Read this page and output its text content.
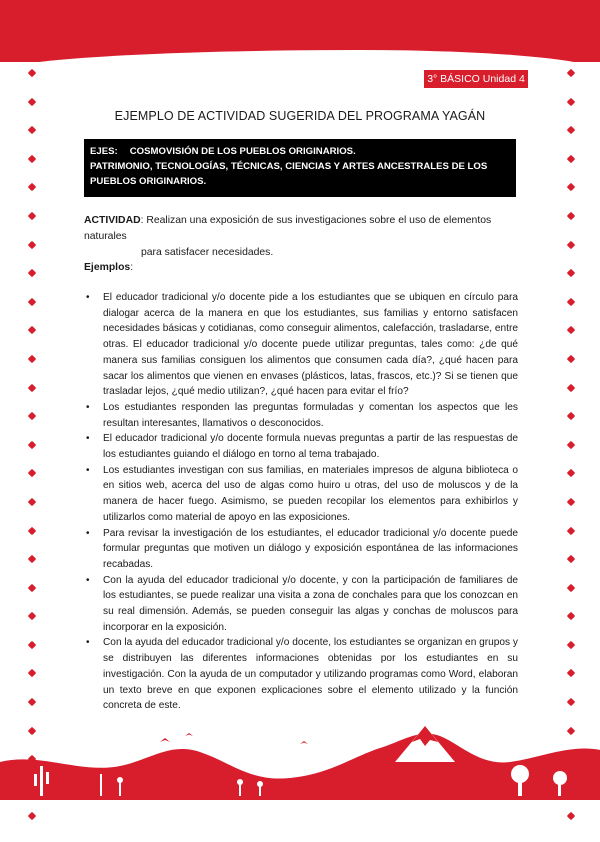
3° BÁSICO Unidad 4
EJEMPLO DE ACTIVIDAD SUGERIDA DEL PROGRAMA YAGÁN
EJES: COSMOVISIÓN DE LOS PUEBLOS ORIGINARIOS.
PATRIMONIO, TECNOLOGÍAS, TÉCNICAS, CIENCIAS Y ARTES ANCESTRALES DE LOS PUEBLOS ORIGINARIOS.
ACTIVIDAD: Realizan una exposición de sus investigaciones sobre el uso de elementos naturales
para satisfacer necesidades.
Ejemplos:
• El educador tradicional y/o docente pide a los estudiantes que se ubiquen en círculo para dialogar acerca de la manera en que los estudiantes, sus familias y entorno satisfacen necesidades básicas y cotidianas, como conseguir alimentos, calefacción, trasladarse, entre otras. El educador tradicional y/o docente puede utilizar preguntas, tales como: ¿de qué manera sus familias consiguen los alimentos que consumen cada día?, ¿qué hacen para sacar los alimentos que vienen en envases (plásticos, latas, frascos, etc.)? Si se tienen que trasladar lejos, ¿qué medio utilizan?, ¿qué hacen para evitar el frío?
• Los estudiantes responden las preguntas formuladas y comentan los aspectos que les resultan interesantes, llamativos o desconocidos.
• El educador tradicional y/o docente formula nuevas preguntas a partir de las respuestas de los estudiantes guiando el diálogo en torno al tema trabajado.
• Los estudiantes investigan con sus familias, en materiales impresos de alguna biblioteca o en sitios web, acerca del uso de algas como huiro u otras, del uso de moluscos y de la manera de hacer fuego. Asimismo, se pueden recopilar los elementos para exhibirlos y utilizarlos como material de apoyo en las exposiciones.
• Para revisar la investigación de los estudiantes, el educador tradicional y/o docente puede formular preguntas que motiven un diálogo y exposición espontánea de las informaciones recabadas.
• Con la ayuda del educador tradicional y/o docente, y con la participación de familiares de los estudiantes, se puede realizar una visita a zona de conchales para que los conozcan en su real dimensión. Además, se pueden conseguir las algas y conchas de moluscos para incorporar en la exposición.
• Con la ayuda del educador tradicional y/o docente, los estudiantes se organizan en grupos y se distribuyen las diferentes informaciones obtenidas por los estudiantes en su investigación. Con la ayuda de un computador y utilizando programas como Word, elaboran un texto breve en que exponen explicaciones sobre el elemento utilizado y la función concreta de este.
